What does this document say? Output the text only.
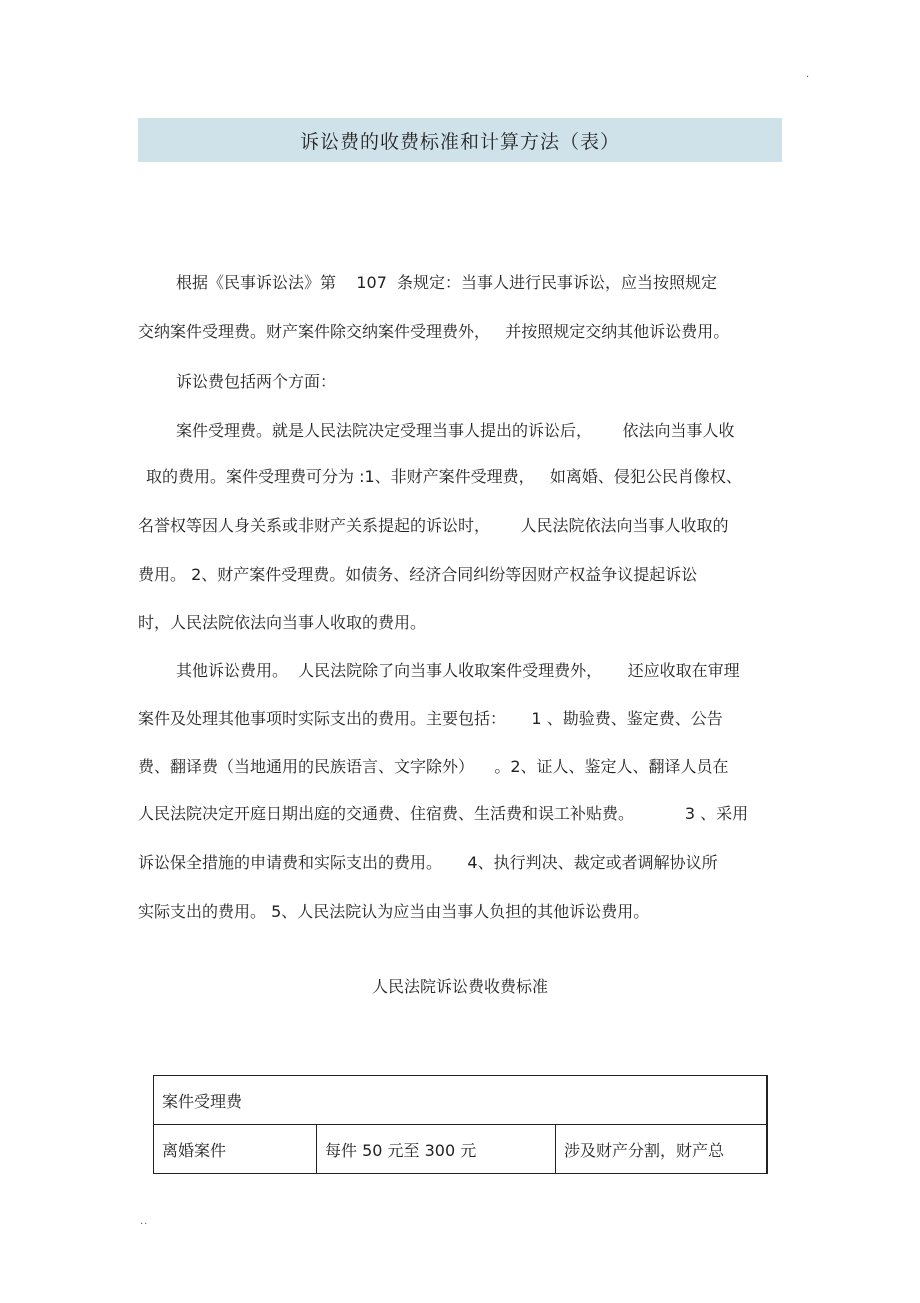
·
诉讼费的收费标准和计算方法（表）
根据《民事诉讼法》第    107  条规定：当事人进行民事诉讼，应当按照规定
交纳案件受理费。财产案件除交纳案件受理费外，   并按照规定交纳其他诉讼费用。
诉讼费包括两个方面：
案件受理费。就是人民法院决定受理当事人提出的诉讼后，      依法向当事人收
取的费用。案件受理费可分为 :1、非财产案件受理费，   如离婚、侵犯公民肖像权、
名誉权等因人身关系或非财产关系提起的诉讼时，      人民法院依法向当事人收取的
费用。 2、财产案件受理费。如债务、经济合同纠纷等因财产权益争议提起诉讼
时，人民法院依法向当事人收取的费用。
其他诉讼费用。  人民法院除了向当事人收取案件受理费外，     还应收取在审理
案件及处理其他事项时实际支出的费用。主要包括：     1 、勘验费、鉴定费、公告
费、翻译费（当地通用的民族语言、文字除外）    。2、证人、鉴定人、翻译人员在
人民法院决定开庭日期出庭的交通费、住宿费、生活费和误工补贴费。          3 、采用
诉讼保全措施的申请费和实际支出的费用。     4、执行判决、裁定或者调解协议所
实际支出的费用。 5、人民法院认为应当由当事人负担的其他诉讼费用。
人民法院诉讼费收费标准
案件受理费
离婚案件	每件 50 元至 300 元	涉及财产分割，财产总
..
